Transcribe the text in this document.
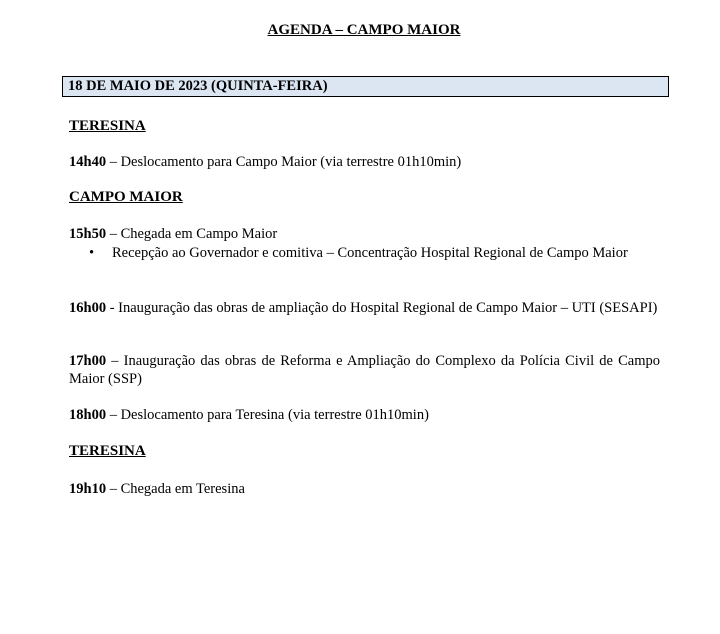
AGENDA – CAMPO MAIOR
18 DE MAIO DE 2023 (QUINTA-FEIRA)
TERESINA
14h40 – Deslocamento para Campo Maior (via terrestre 01h10min)
CAMPO MAIOR
15h50 – Chegada em Campo Maior
• Recepção ao Governador e comitiva – Concentração Hospital Regional de Campo Maior
16h00 - Inauguração das obras de ampliação do Hospital Regional de Campo Maior – UTI (SESAPI)
17h00 – Inauguração das obras de Reforma e Ampliação do Complexo da Polícia Civil de Campo Maior (SSP)
18h00 – Deslocamento para Teresina (via terrestre 01h10min)
TERESINA
19h10 – Chegada em Teresina
